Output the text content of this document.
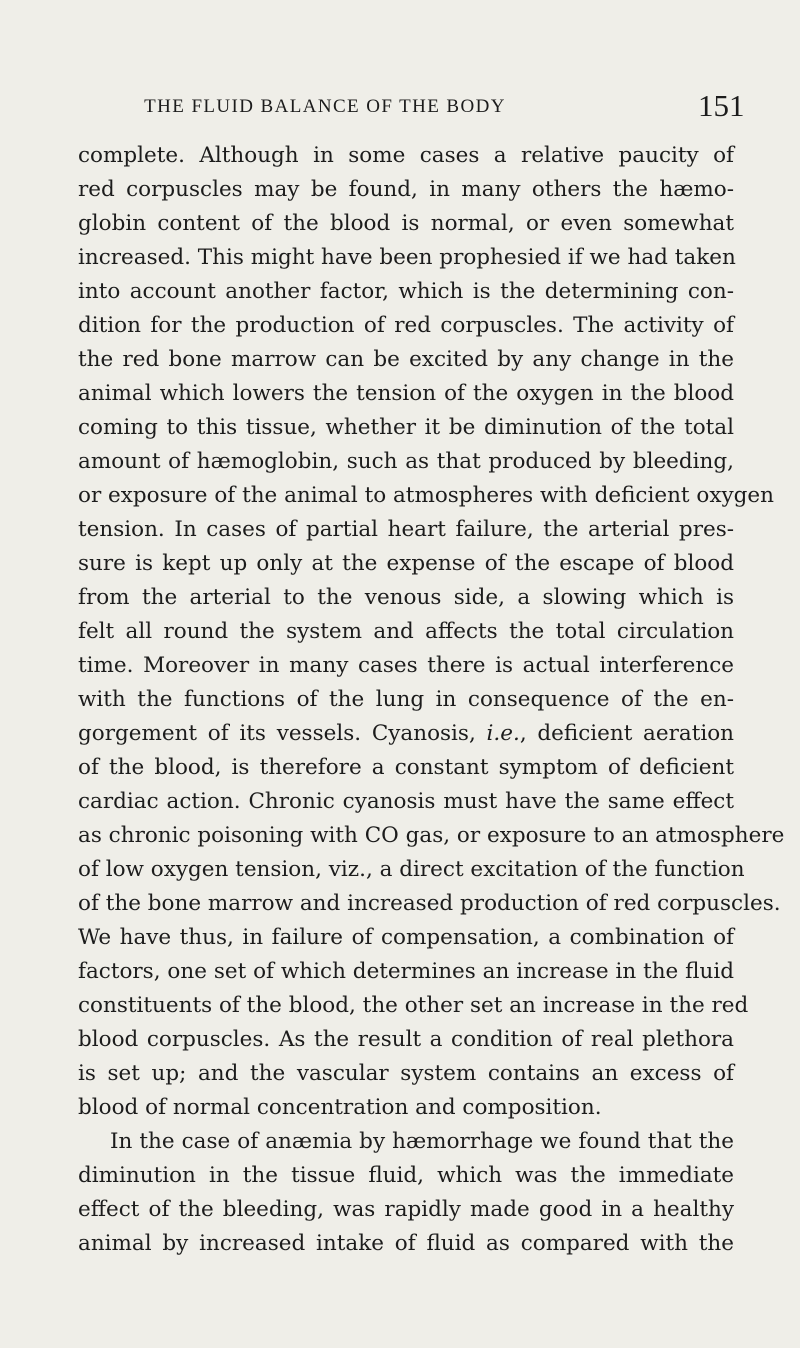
THE FLUID BALANCE OF THE BODY	151
complete. Although in some cases a relative paucity of
red corpuscles may be found, in many others the hæmo-
globin content of the blood is normal, or even somewhat
increased. This might have been prophesied if we had taken
into account another factor, which is the determining con-
dition for the production of red corpuscles. The activity of
the red bone marrow can be excited by any change in the
animal which lowers the tension of the oxygen in the blood
coming to this tissue, whether it be diminution of the total
amount of hæmoglobin, such as that produced by bleeding,
or exposure of the animal to atmospheres with deficient oxygen
tension. In cases of partial heart failure, the arterial pres-
sure is kept up only at the expense of the escape of blood
from the arterial to the venous side, a slowing which is
felt all round the system and affects the total circulation
time. Moreover in many cases there is actual interference
with the functions of the lung in consequence of the en-
gorgement of its vessels. Cyanosis, i.e., deficient aeration
of the blood, is therefore a constant symptom of deficient
cardiac action. Chronic cyanosis must have the same effect
as chronic poisoning with CO gas, or exposure to an atmosphere
of low oxygen tension, viz., a direct excitation of the function
of the bone marrow and increased production of red corpuscles.
We have thus, in failure of compensation, a combination of
factors, one set of which determines an increase in the fluid
constituents of the blood, the other set an increase in the red
blood corpuscles. As the result a condition of real plethora
is set up; and the vascular system contains an excess of
blood of normal concentration and composition.
In the case of anæmia by hæmorrhage we found that the
diminution in the tissue fluid, which was the immediate
effect of the bleeding, was rapidly made good in a healthy
animal by increased intake of fluid as compared with the
